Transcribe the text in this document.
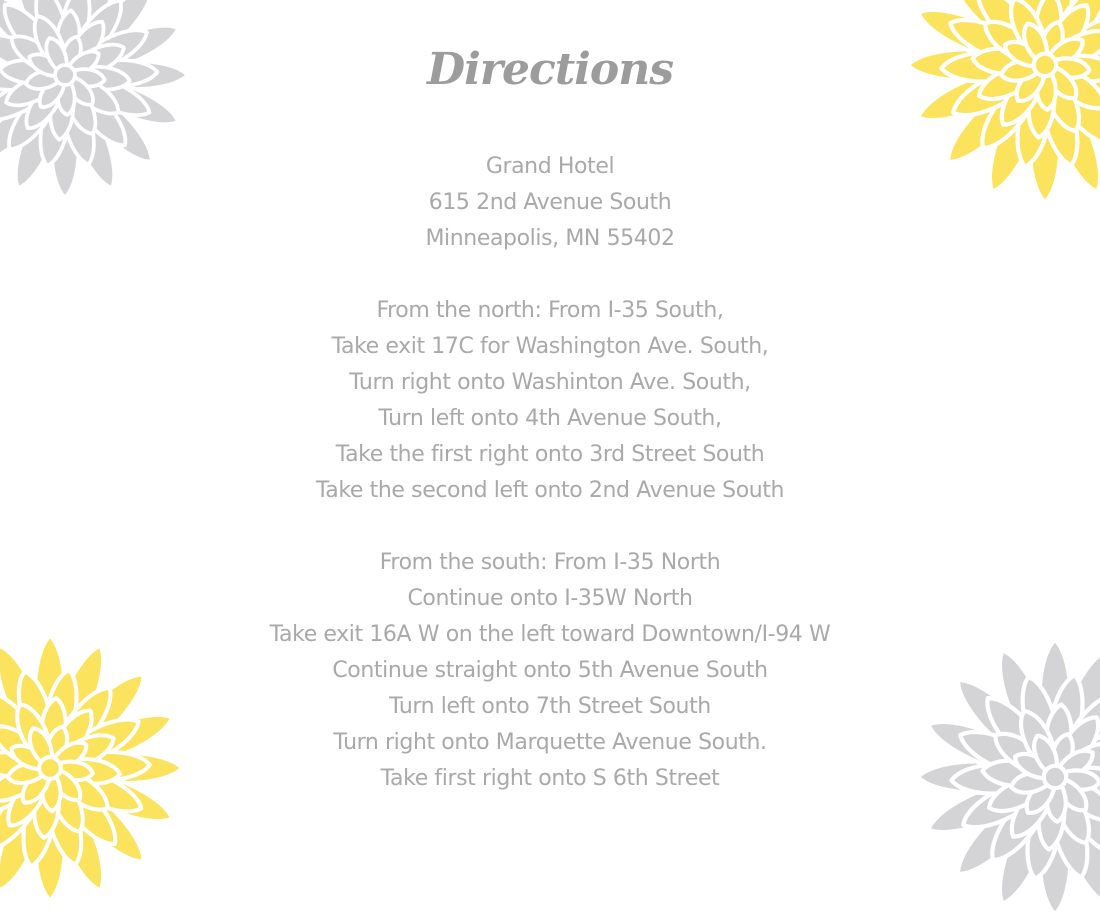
Directions
Grand Hotel
615 2nd Avenue South
Minneapolis, MN 55402
From the north: From I-35 South,
Take exit 17C for Washington Ave. South,
Turn right onto Washinton Ave. South,
Turn left onto 4th Avenue South,
Take the first right onto 3rd Street South
Take the second left onto 2nd Avenue South
From the south: From I-35 North
Continue onto I-35W North
Take exit 16A W on the left toward Downtown/I-94 W
Continue straight onto 5th Avenue South
Turn left onto 7th Street South
Turn right onto Marquette Avenue South.
Take first right onto S 6th Street
